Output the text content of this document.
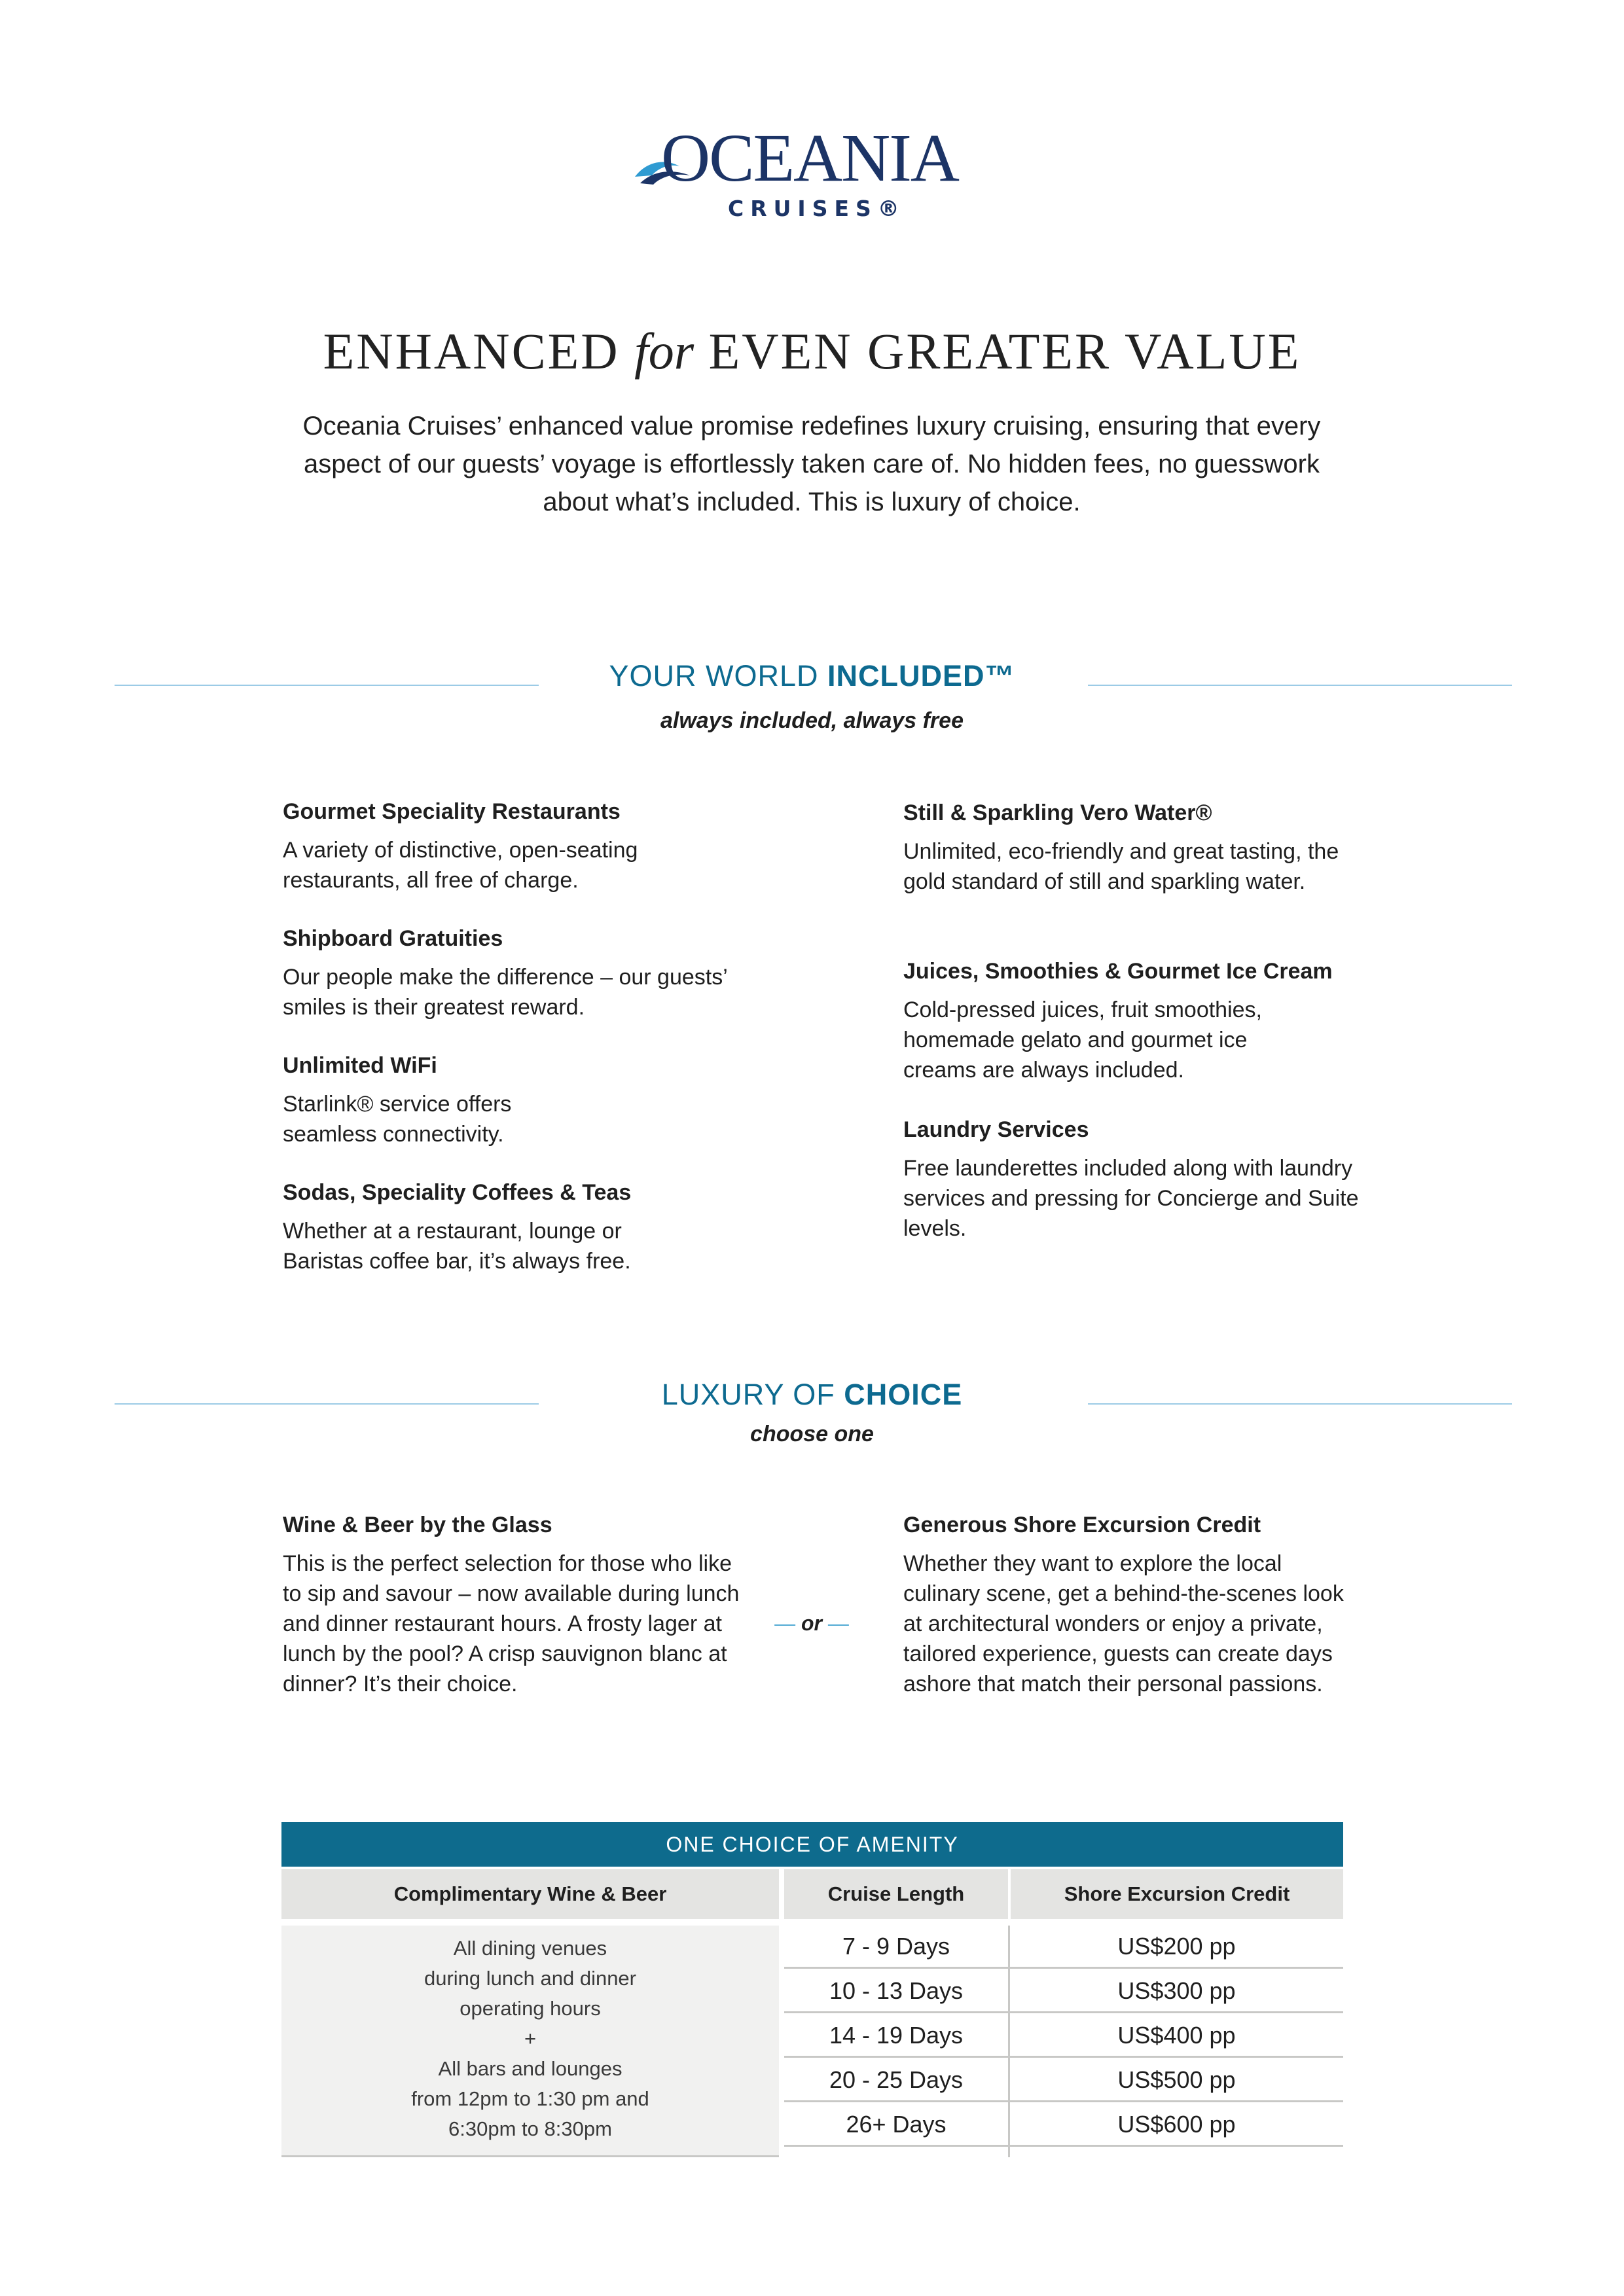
OCEANIA
CRUISES®
ENHANCED for EVEN GREATER VALUE
Oceania Cruises’ enhanced value promise redefines luxury cruising, ensuring that every aspect of our guests’ voyage is effortlessly taken care of. No hidden fees, no guesswork about what’s included. This is luxury of choice.
YOUR WORLD INCLUDED™
always included, always free
Gourmet Speciality Restaurants

A variety of distinctive, open-seating restaurants, all free of charge.

Shipboard Gratuities

Our people make the difference – our guests’ smiles is their greatest reward.

Unlimited WiFi

Starlink® service offers seamless connectivity.

Sodas, Speciality Coffees & Teas

Whether at a restaurant, lounge or Baristas coffee bar, it’s always free.

Still & Sparkling Vero Water®

Unlimited, eco-friendly and great tasting, the gold standard of still and sparkling water.

Juices, Smoothies & Gourmet Ice Cream

Cold-pressed juices, fruit smoothies, homemade gelato and gourmet ice creams are always included.

Laundry Services

Free launderettes included along with laundry services and pressing for Concierge and Suite levels.

LUXURY OF CHOICE
choose one
Wine & Beer by the Glass

This is the perfect selection for those who like to sip and savour – now available during lunch and dinner restaurant hours. A frosty lager at lunch by the pool? A crisp sauvignon blanc at dinner? It’s their choice.

— or —
Generous Shore Excursion Credit

Whether they want to explore the local culinary scene, get a behind-the-scenes look at architectural wonders or enjoy a private, tailored experience, guests can create days ashore that match their personal passions.

ONE CHOICE OF AMENITY
Complimentary Wine & Beer	Cruise Length	Shore Excursion Credit
All dining venues
during lunch and dinner
operating hours
+
All bars and lounges
from 12pm to 1:30 pm and
6:30pm to 8:30pm
7 - 9 Days	US$200 pp
10 - 13 Days	US$300 pp
14 - 19 Days	US$400 pp
20 - 25 Days	US$500 pp
26+ Days	US$600 pp
